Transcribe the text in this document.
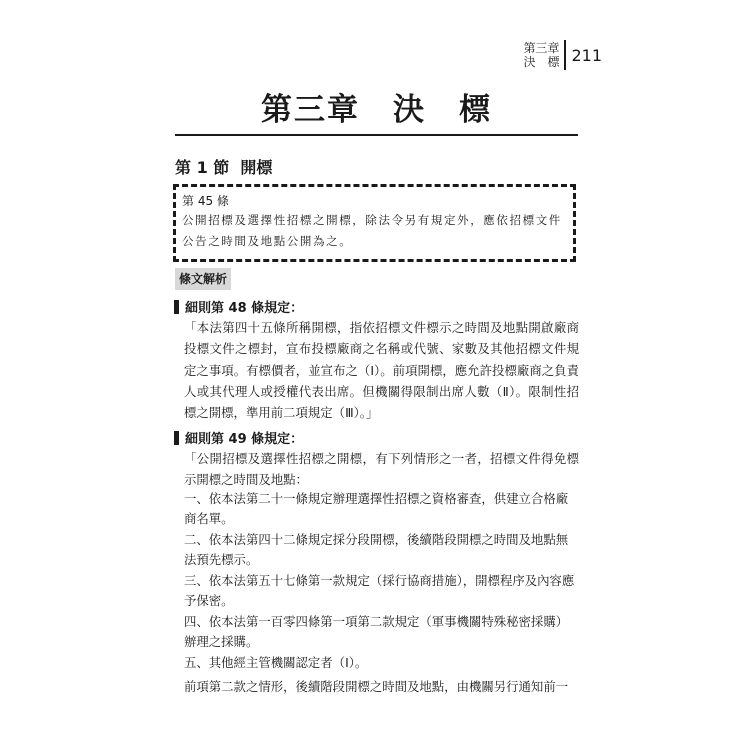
第三章
決　標 211
第三章　決　標
第 1 節  開標
第 45 條
公開招標及選擇性招標之開標，除法令另有規定外，應依招標文件公告之時間及地點公開為之。
條文解析
細則第 48 條規定：
「本法第四十五條所稱開標，指依招標文件標示之時間及地點開啟廠商投標文件之標封，宣布投標廠商之名稱或代號、家數及其他招標文件規定之事項。有標價者，並宣布之（Ⅰ）。前項開標，應允許投標廠商之負責人或其代理人或授權代表出席。但機關得限制出席人數（Ⅱ）。限制性招標之開標，準用前二項規定（Ⅲ）。」
細則第 49 條規定：
「公開招標及選擇性招標之開標，有下列情形之一者，招標文件得免標示開標之時間及地點：
一、依本法第二十一條規定辦理選擇性招標之資格審查，供建立合格廠商名單。
二、依本法第四十二條規定採分段開標，後續階段開標之時間及地點無法預先標示。
三、依本法第五十七條第一款規定（採行協商措施），開標程序及內容應予保密。
四、依本法第一百零四條第一項第二款規定（軍事機關特殊秘密採購）辦理之採購。
五、其他經主管機關認定者（Ⅰ）。
前項第二款之情形，後續階段開標之時間及地點，由機關另行通知前一
